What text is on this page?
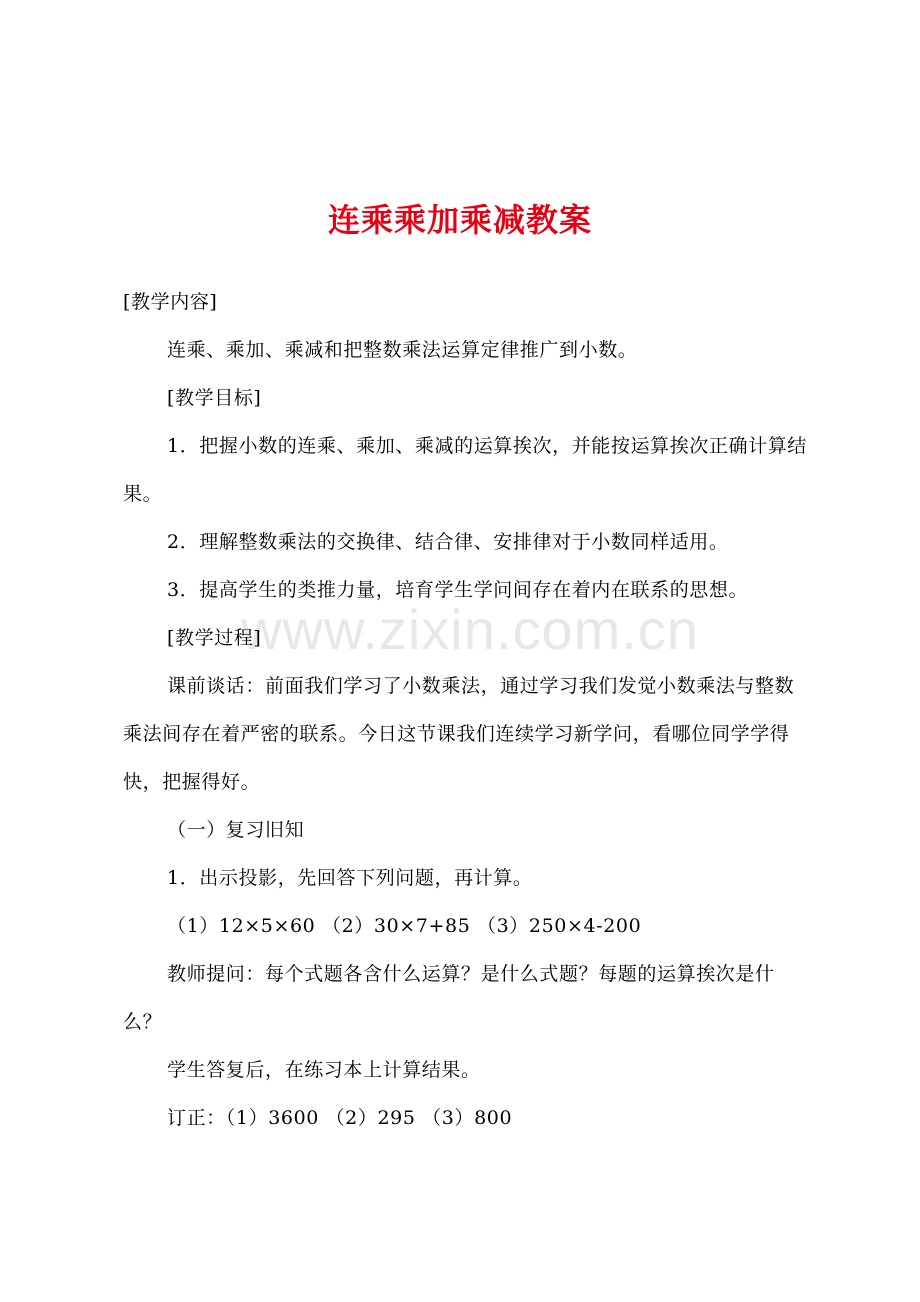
连乘乘加乘减教案

[教学内容]

连乘、乘加、乘减和把整数乘法运算定律推广到小数。

[教学目标]

1．把握小数的连乘、乘加、乘减的运算挨次，并能按运算挨次正确计算结果。

2．理解整数乘法的交换律、结合律、安排律对于小数同样适用。

3．提高学生的类推力量，培育学生学问间存在着内在联系的思想。

[教学过程]

课前谈话：前面我们学习了小数乘法，通过学习我们发觉小数乘法与整数乘法间存在着严密的联系。今日这节课我们连续学习新学问，看哪位同学学得快，把握得好。

（一）复习旧知

1．出示投影，先回答下列问题，再计算。

（1）12×5×60 （2）30×7+85 （3）250×4-200

教师提问：每个式题各含什么运算？是什么式题？每题的运算挨次是什么？

学生答复后，在练习本上计算结果。

订正：（1）3600 （2）295 （3）800

www.zixin.com.cn
